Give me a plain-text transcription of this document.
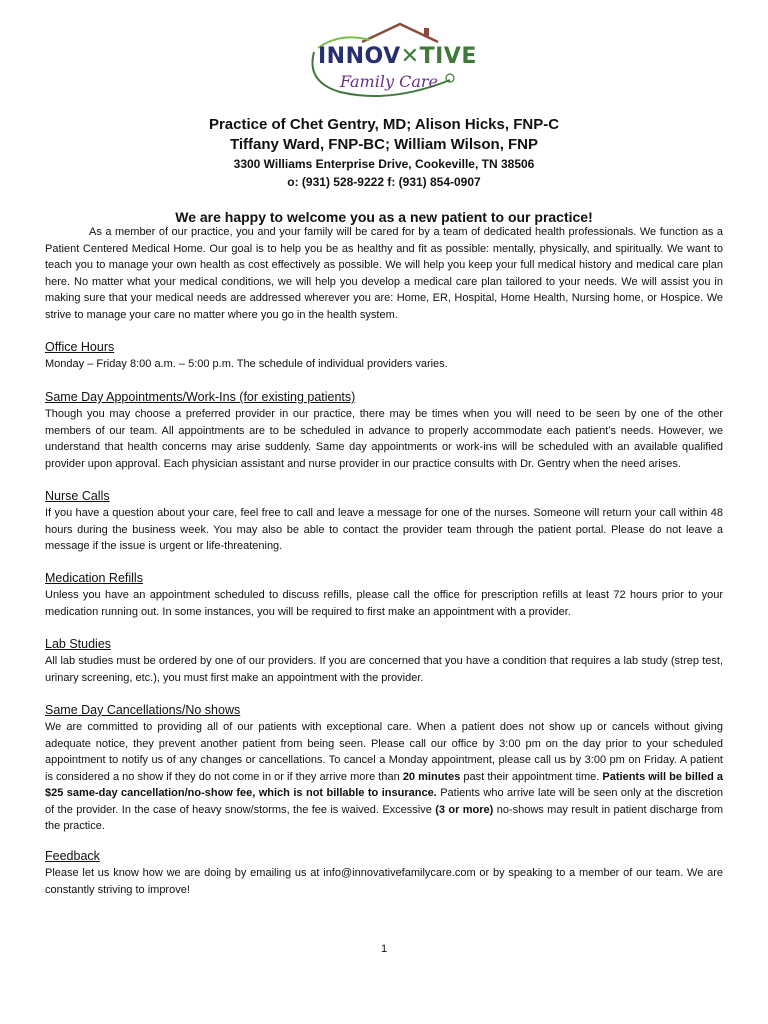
INNOV✕TIVE
Family Care
Practice of Chet Gentry, MD; Alison Hicks, FNP-C
Tiffany Ward, FNP-BC; William Wilson, FNP
3300 Williams Enterprise Drive, Cookeville, TN 38506
o: (931) 528-9222 f: (931) 854-0907
We are happy to welcome you as a new patient to our practice!
As a member of our practice, you and your family will be cared for by a team of dedicated health professionals. We function as a Patient Centered Medical Home. Our goal is to help you be as healthy and fit as possible: mentally, physically, and spiritually. We want to teach you to manage your own health as cost effectively as possible. We will help you keep your full medical history and medical care plan here. No matter what your medical conditions, we will help you develop a medical care plan tailored to your needs. We will assist you in making sure that your medical needs are addressed wherever you are: Home, ER, Hospital, Home Health, Nursing home, or Hospice. We strive to manage your care no matter where you go in the health system.
Office Hours
Monday – Friday 8:00 a.m. – 5:00 p.m. The schedule of individual providers varies.
Same Day Appointments/Work-Ins (for existing patients)
Though you may choose a preferred provider in our practice, there may be times when you will need to be seen by one of the other members of our team. All appointments are to be scheduled in advance to properly accommodate each patient’s needs. However, we understand that health concerns may arise suddenly. Same day appointments or work-ins will be scheduled with an available qualified provider upon approval. Each physician assistant and nurse provider in our practice consults with Dr. Gentry when the need arises.
Nurse Calls
If you have a question about your care, feel free to call and leave a message for one of the nurses. Someone will return your call within 48 hours during the business week. You may also be able to contact the provider team through the patient portal. Please do not leave a message if the issue is urgent or life-threatening.
Medication Refills
Unless you have an appointment scheduled to discuss refills, please call the office for prescription refills at least 72 hours prior to your medication running out. In some instances, you will be required to first make an appointment with a provider.
Lab Studies
All lab studies must be ordered by one of our providers. If you are concerned that you have a condition that requires a lab study (strep test, urinary screening, etc.), you must first make an appointment with the provider.
Same Day Cancellations/No shows
We are committed to providing all of our patients with exceptional care. When a patient does not show up or cancels without giving adequate notice, they prevent another patient from being seen. Please call our office by 3:00 pm on the day prior to your scheduled appointment to notify us of any changes or cancellations. To cancel a Monday appointment, please call us by 3:00 pm on Friday. A patient is considered a no show if they do not come in or if they arrive more than 20 minutes past their appointment time. Patients will be billed a $25 same-day cancellation/no-show fee, which is not billable to insurance. Patients who arrive late will be seen only at the discretion of the provider. In the case of heavy snow/storms, the fee is waived. Excessive (3 or more) no-shows may result in patient discharge from the practice.
Feedback
Please let us know how we are doing by emailing us at info@innovativefamilycare.com or by speaking to a member of our team. We are constantly striving to improve!
1
